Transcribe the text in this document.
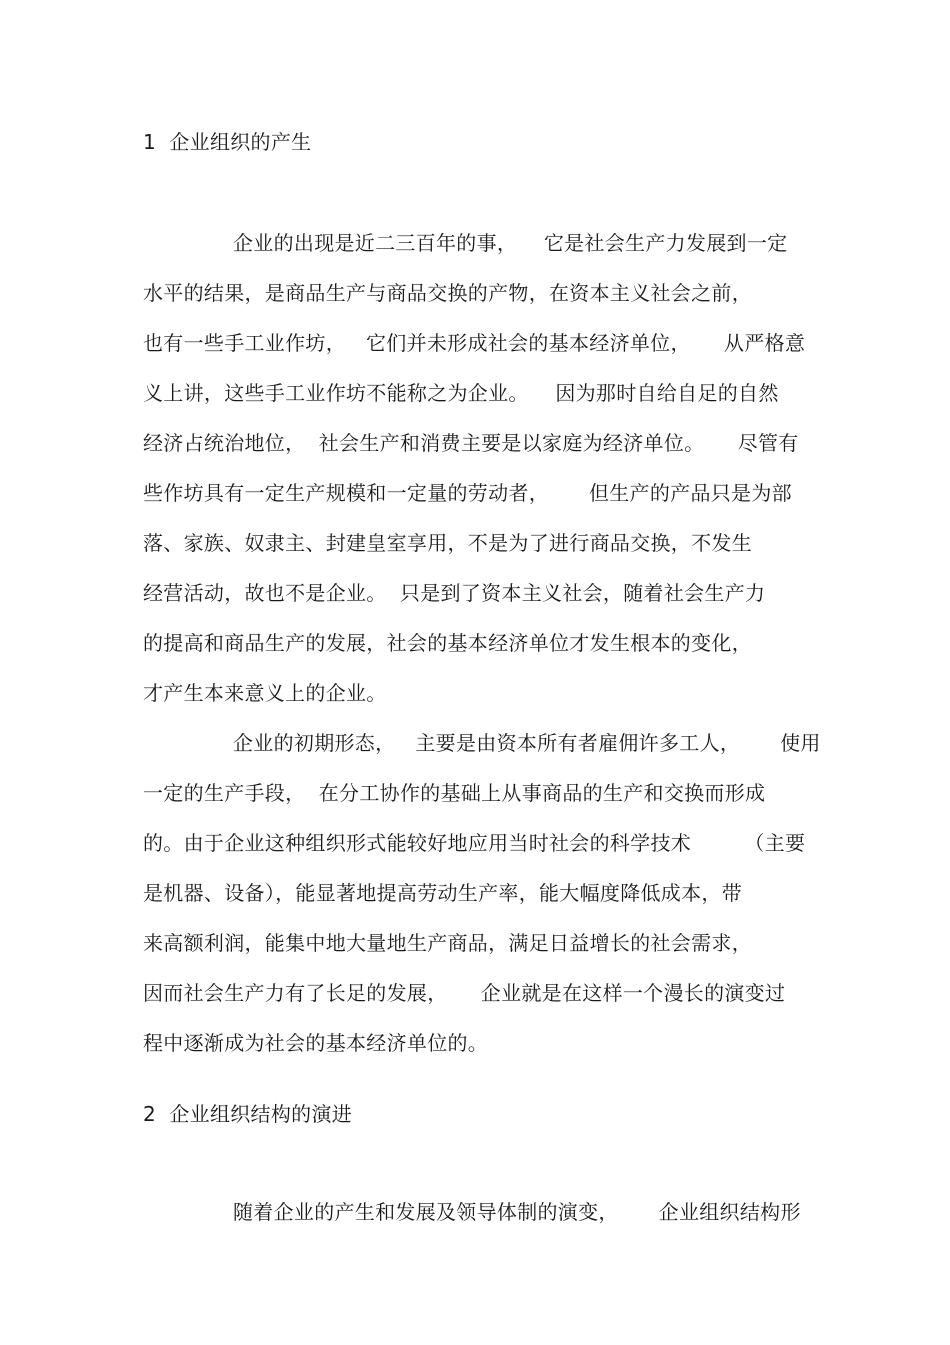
1  企业组织的产生
企业的出现是近二三百年的事，    它是社会生产力发展到一定
水平的结果，是商品生产与商品交换的产物，在资本主义社会之前，
也有一些手工业作坊，   它们并未形成社会的基本经济单位，     从严格意
义上讲，这些手工业作坊不能称之为企业。    因为那时自给自足的自然
经济占统治地位，  社会生产和消费主要是以家庭为经济单位。     尽管有
些作坊具有一定生产规模和一定量的劳动者，      但生产的产品只是为部
落、家族、奴隶主、封建皇室享用，不是为了进行商品交换，不发生
经营活动，故也不是企业。  只是到了资本主义社会，随着社会生产力
的提高和商品生产的发展，社会的基本经济单位才发生根本的变化，
才产生本来意义上的企业。
企业的初期形态，   主要是由资本所有者雇佣许多工人，      使用
一定的生产手段，  在分工协作的基础上从事商品的生产和交换而形成
的。由于企业这种组织形式能较好地应用当时社会的科学技术        （主要
是机器、设备），能显著地提高劳动生产率，能大幅度降低成本，带
来高额利润，能集中地大量地生产商品，满足日益增长的社会需求，
因而社会生产力有了长足的发展，     企业就是在这样一个漫长的演变过
程中逐渐成为社会的基本经济单位的。
2  企业组织结构的演进
随着企业的产生和发展及领导体制的演变，      企业组织结构形
